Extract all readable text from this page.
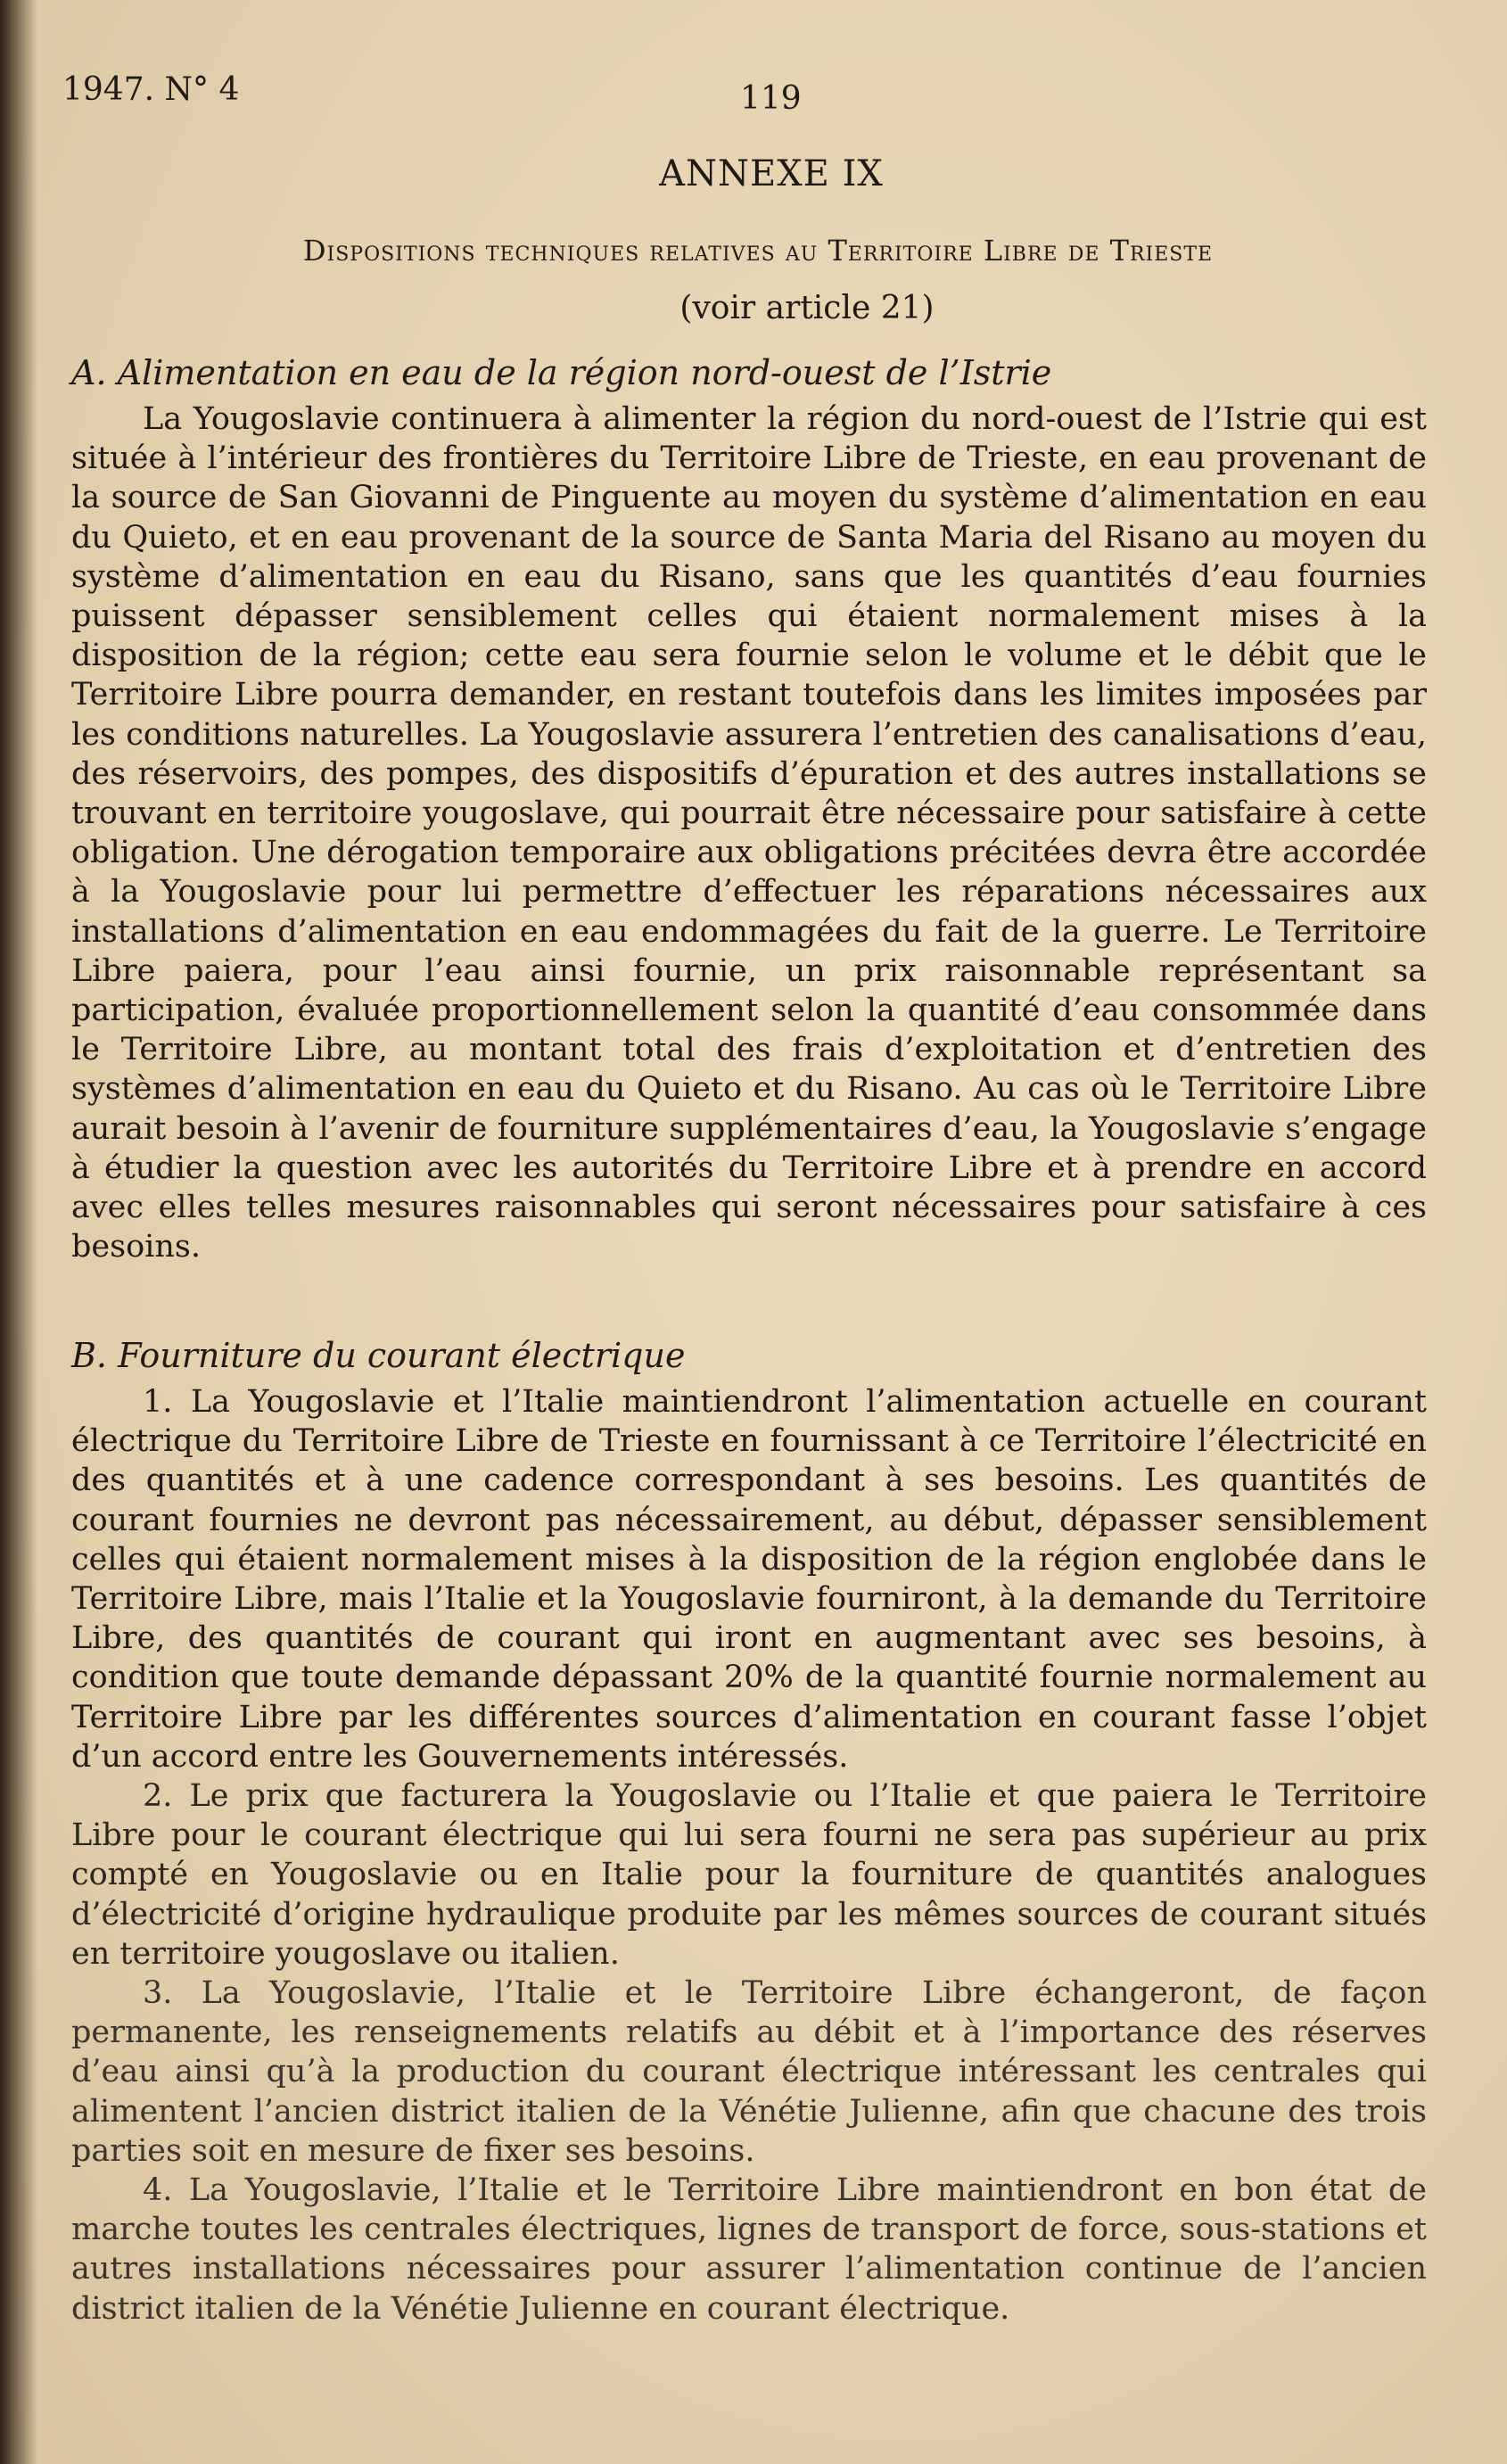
1947. N° 4	119
ANNEXE IX
Dispositions techniques relatives au Territoire Libre de Trieste
(voir article 21)

A. Alimentation en eau de la région nord-ouest de l’Istrie

La Yougoslavie continuera à alimenter la région du nord-ouest de l’Istrie qui est située à l’intérieur des frontières du Territoire Libre de Trieste, en eau provenant de la source de San Giovanni de Pinguente au moyen du système d’alimentation en eau du Quieto, et en eau provenant de la source de Santa Maria del Risano au moyen du système d’alimentation en eau du Risano, sans que les quantités d’eau fournies puissent dépasser sensiblement celles qui étaient normalement mises à la disposition de la région; cette eau sera fournie selon le volume et le débit que le Territoire Libre pourra demander, en restant toutefois dans les limites imposées par les conditions naturelles. La Yougoslavie assurera l’entretien des canalisations d’eau, des réservoirs, des pompes, des dispositifs d’épuration et des autres installations se trouvant en territoire yougoslave, qui pourrait être nécessaire pour satisfaire à cette obligation. Une dérogation temporaire aux obligations précitées devra être accordée à la Yougoslavie pour lui permettre d’effectuer les réparations nécessaires aux installations d’alimentation en eau endommagées du fait de la guerre. Le Territoire Libre paiera, pour l’eau ainsi fournie, un prix raisonnable représentant sa participation, évaluée proportionnellement selon la quantité d’eau consommée dans le Territoire Libre, au montant total des frais d’exploitation et d’entretien des systèmes d’alimentation en eau du Quieto et du Risano. Au cas où le Territoire Libre aurait besoin à l’avenir de fourniture supplémentaires d’eau, la Yougoslavie s’engage à étudier la question avec les autorités du Territoire Libre et à prendre en accord avec elles telles mesures raisonnables qui seront nécessaires pour satisfaire à ces besoins.

B. Fourniture du courant électrique

1. La Yougoslavie et l’Italie maintiendront l’alimentation actuelle en courant électrique du Territoire Libre de Trieste en fournissant à ce Territoire l’électricité en des quantités et à une cadence correspondant à ses besoins. Les quantités de courant fournies ne devront pas nécessairement, au début, dépasser sensiblement celles qui étaient normalement mises à la disposition de la région englobée dans le Territoire Libre, mais l’Italie et la Yougoslavie fourniront, à la demande du Territoire Libre, des quantités de courant qui iront en augmentant avec ses besoins, à condition que toute demande dépassant 20% de la quantité fournie normalement au Territoire Libre par les différentes sources d’alimentation en courant fasse l’objet d’un accord entre les Gouvernements intéressés.

2. Le prix que facturera la Yougoslavie ou l’Italie et que paiera le Territoire Libre pour le courant électrique qui lui sera fourni ne sera pas supérieur au prix compté en Yougoslavie ou en Italie pour la fourniture de quantités analogues d’électricité d’origine hydraulique produite par les mêmes sources de courant situés en territoire yougoslave ou italien.

3. La Yougoslavie, l’Italie et le Territoire Libre échangeront, de façon permanente, les renseignements relatifs au débit et à l’importance des réserves d’eau ainsi qu’à la production du courant électrique intéressant les centrales qui alimentent l’ancien district italien de la Vénétie Julienne, afin que chacune des trois parties soit en mesure de fixer ses besoins.

4. La Yougoslavie, l’Italie et le Territoire Libre maintiendront en bon état de marche toutes les centrales électriques, lignes de transport de force, sous-stations et autres installations nécessaires pour assurer l’alimentation continue de l’ancien district italien de la Vénétie Julienne en courant électrique.
